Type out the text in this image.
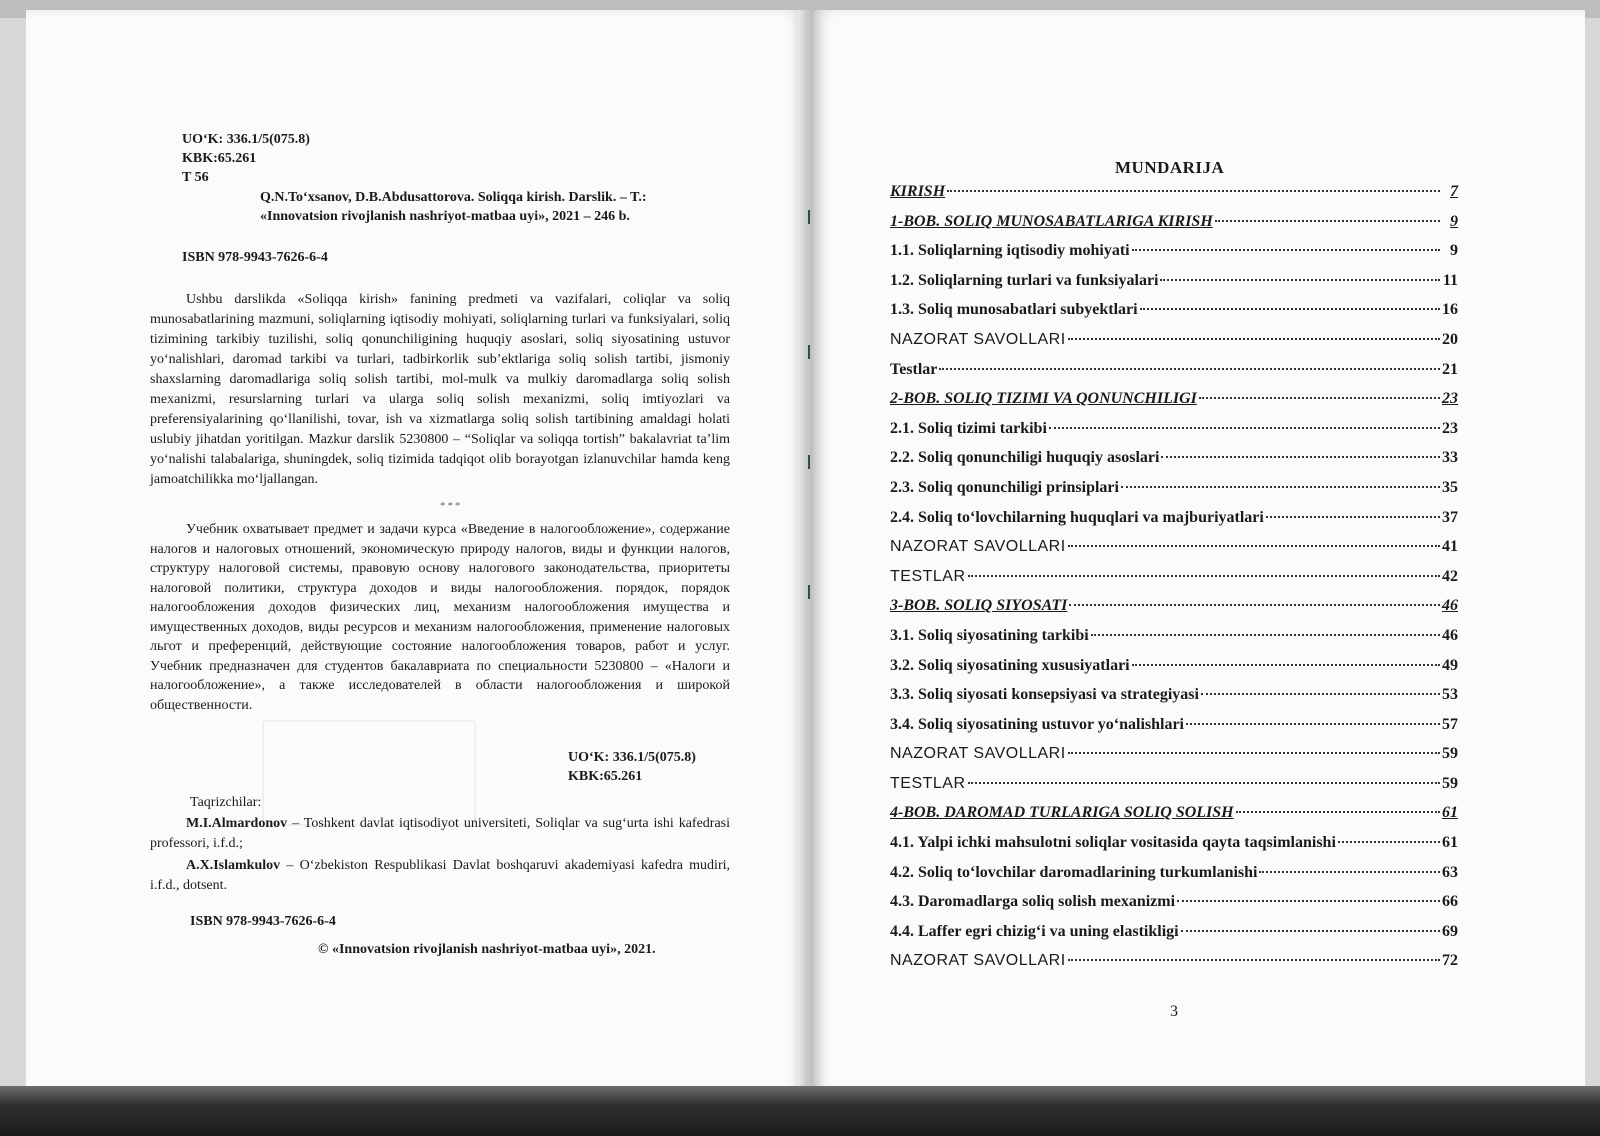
UO‘K: 336.1/5(075.8)
KBK:65.261
T 56
Q.N.To‘xsanov, D.B.Abdusattorova. Soliqqa kirish. Darslik. – T.:
«Innovatsion rivojlanish nashriyot-matbaa uyi», 2021 – 246 b.
ISBN 978-9943-7626-6-4

Ushbu darslikda «Soliqqa kirish» fanining predmeti va vazifalari, coliqlar va soliq munosabatlarining mazmuni, soliqlarning iqtisodiy mohiyati, soliqlarning turlari va funksiyalari, soliq tizimining tarkibiy tuzilishi, soliq qonunchiligining huquqiy asoslari, soliq siyosatining ustuvor yo‘nalishlari, daromad tarkibi va turlari, tadbirkorlik sub’ektlariga soliq solish tartibi, jismoniy shaxslarning daromadlariga soliq solish tartibi, mol-mulk va mulkiy daromadlarga soliq solish mexanizmi, resurslarning turlari va ularga soliq solish mexanizmi, soliq imtiyozlari va preferensiyalarining qo‘llanilishi, tovar, ish va xizmatlarga soliq solish tartibining amaldagi holati uslubiy jihatdan yoritilgan. Mazkur darslik 5230800 – “Soliqlar va soliqqa tortish” bakalavriat ta’lim yo‘nalishi talabalariga, shuningdek, soliq tizimida tadqiqot olib borayotgan izlanuvchilar hamda keng jamoatchilikka mo‘ljallangan.

***

Учебник охватывает предмет и задачи курса «Введение в налогообложение», содержание налогов и налоговых отношений, экономическую природу налогов, виды и функции налогов, структуру налоговой системы, правовую основу налогового законодательства, приоритеты налоговой политики, структура доходов и виды налогообложения. порядок, порядок налогообложения доходов физических лиц, механизм налогообложения имущества и имущественных доходов, виды ресурсов и механизм налогообложения, применение налоговых льгот и преференций, действующие состояние налогообложения товаров, работ и услуг. Учебник предназначен для студентов бакалавриата по специальности 5230800 – «Налоги и налогообложение», а также исследователей в области налогообложения и широкой общественности.

UO‘K: 336.1/5(075.8)
KBK:65.261
Taqrizchilar:
M.I.Almardonov – Toshkent davlat iqtisodiyot universiteti, Soliqlar va sug‘urta ishi kafedrasi professori, i.f.d.;
A.X.Islamkulov – O‘zbekiston Respublikasi Davlat boshqaruvi akademiyasi kafedra mudiri, i.f.d., dotsent.
ISBN 978-9943-7626-6-4
© «Innovatsion rivojlanish nashriyot-matbaa uyi», 2021.
MUNDARIJA
KIRISH	7
1-BOB. SOLIQ MUNOSABATLARIGA KIRISH	9
1.1. Soliqlarning iqtisodiy mohiyati	9
1.2. Soliqlarning turlari va funksiyalari	11
1.3. Soliq munosabatlari subyektlari	16
NAZORAT SAVOLLARI	20
Testlar	21
2-BOB. SOLIQ TIZIMI VA QONUNCHILIGI	23
2.1. Soliq tizimi tarkibi	23
2.2. Soliq qonunchiligi huquqiy asoslari	33
2.3. Soliq qonunchiligi prinsiplari	35
2.4. Soliq to‘lovchilarning huquqlari va majburiyatlari	37
NAZORAT SAVOLLARI	41
TESTLAR	42
3-BOB. SOLIQ SIYOSATI	46
3.1. Soliq siyosatining tarkibi	46
3.2. Soliq siyosatining xususiyatlari	49
3.3. Soliq siyosati konsepsiyasi va strategiyasi	53
3.4. Soliq siyosatining ustuvor yo‘nalishlari	57
NAZORAT SAVOLLARI	59
TESTLAR	59
4-BOB. DAROMAD TURLARIGA SOLIQ SOLISH	61
4.1. Yalpi ichki mahsulotni soliqlar vositasida qayta taqsimlanishi	61
4.2. Soliq to‘lovchilar daromadlarining turkumlanishi	63
4.3. Daromadlarga soliq solish mexanizmi	66
4.4. Laffer egri chizig‘i va uning elastikligi	69
NAZORAT SAVOLLARI	72
3
